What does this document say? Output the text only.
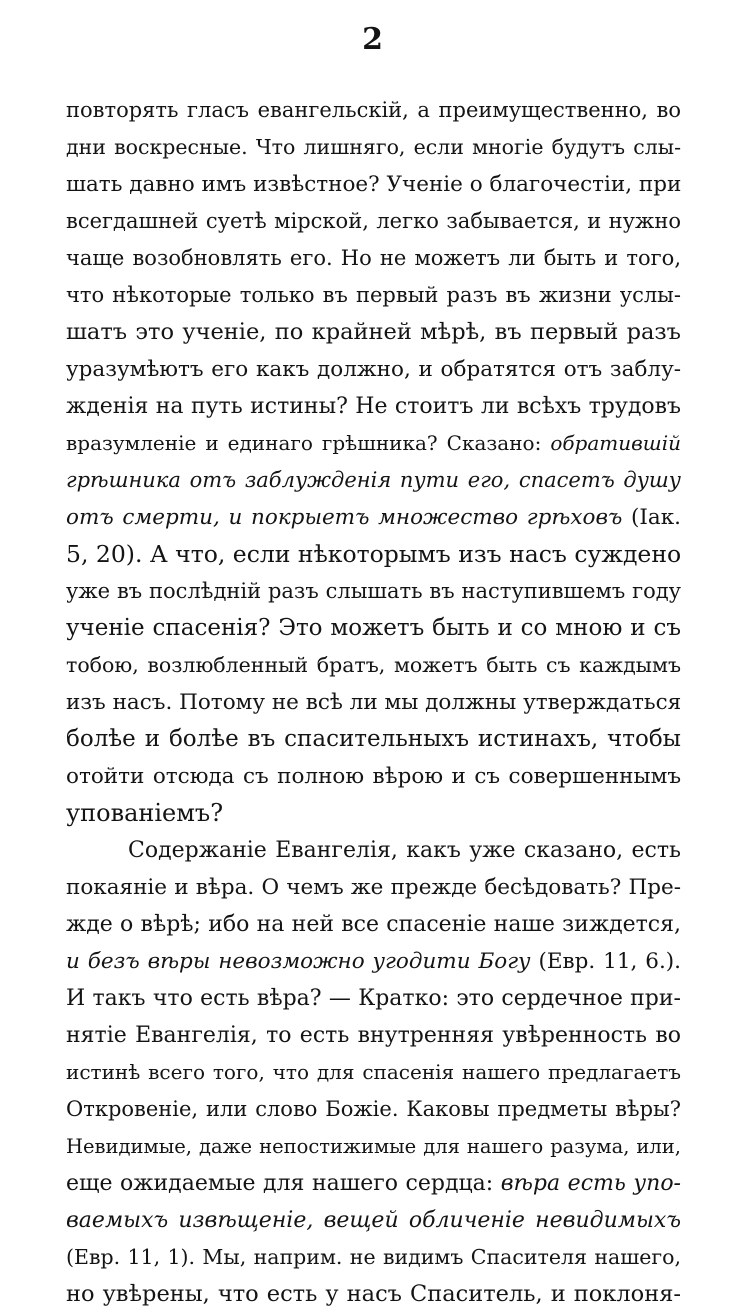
2
повторять гласъ евангельскій, а преимущественно, во
дни воскресные. Что лишняго, если многіе будутъ слы-
шать давно имъ извѣстное? Ученіе о благочестіи, при
всегдашней суетѣ мірской, легко забывается, и нужно
чаще возобновлять его. Но не можетъ ли быть и того,
что нѣкоторые только въ первый разъ въ жизни услы-
шатъ это ученіе, по крайней мѣрѣ, въ первый разъ
уразумѣютъ его какъ должно, и обратятся отъ заблу-
жденія на путь истины? Не стоитъ ли всѣхъ трудовъ
вразумленіе и единаго грѣшника? Сказано: обратившій
грѣшника отъ заблужденія пути его, спасетъ душу
отъ смерти, и покрыетъ множество грѣховъ (Iак.
5, 20). А что, если нѣкоторымъ изъ насъ суждено
уже въ послѣдній разъ слышать въ наступившемъ году
ученіе спасенія? Это можетъ быть и со мною и съ
тобою, возлюбленный братъ, можетъ быть съ каждымъ
изъ насъ. Потому не всѣ ли мы должны утверждаться
болѣе и болѣе въ спасительныхъ истинахъ, чтобы
отойти отсюда съ полною вѣрою и съ совершеннымъ
упованіемъ?
Содержаніе Евангелія, какъ уже сказано, есть
покаяніе и вѣра. О чемъ же прежде бесѣдовать? Пре-
жде о вѣрѣ; ибо на ней все спасеніе наше зиждется,
и безъ вѣры невозможно угодити Богу (Евр. 11, 6.).
И такъ что есть вѣра? — Кратко: это сердечное при-
нятіе Евангелія, то есть внутренняя увѣренность во
истинѣ всего того, что для спасенія нашего предлагаетъ
Откровеніе, или слово Божіе. Каковы предметы вѣры?
Невидимые, даже непостижимые для нашего разума, или,
еще ожидаемые для нашего сердца: вѣра есть упо-
ваемыхъ извѣщеніе, вещей обличеніе невидимыхъ
(Евр. 11, 1). Мы, наприм. не видимъ Спасителя нашего,
но увѣрены, что есть у насъ Спаситель, и поклоня-
